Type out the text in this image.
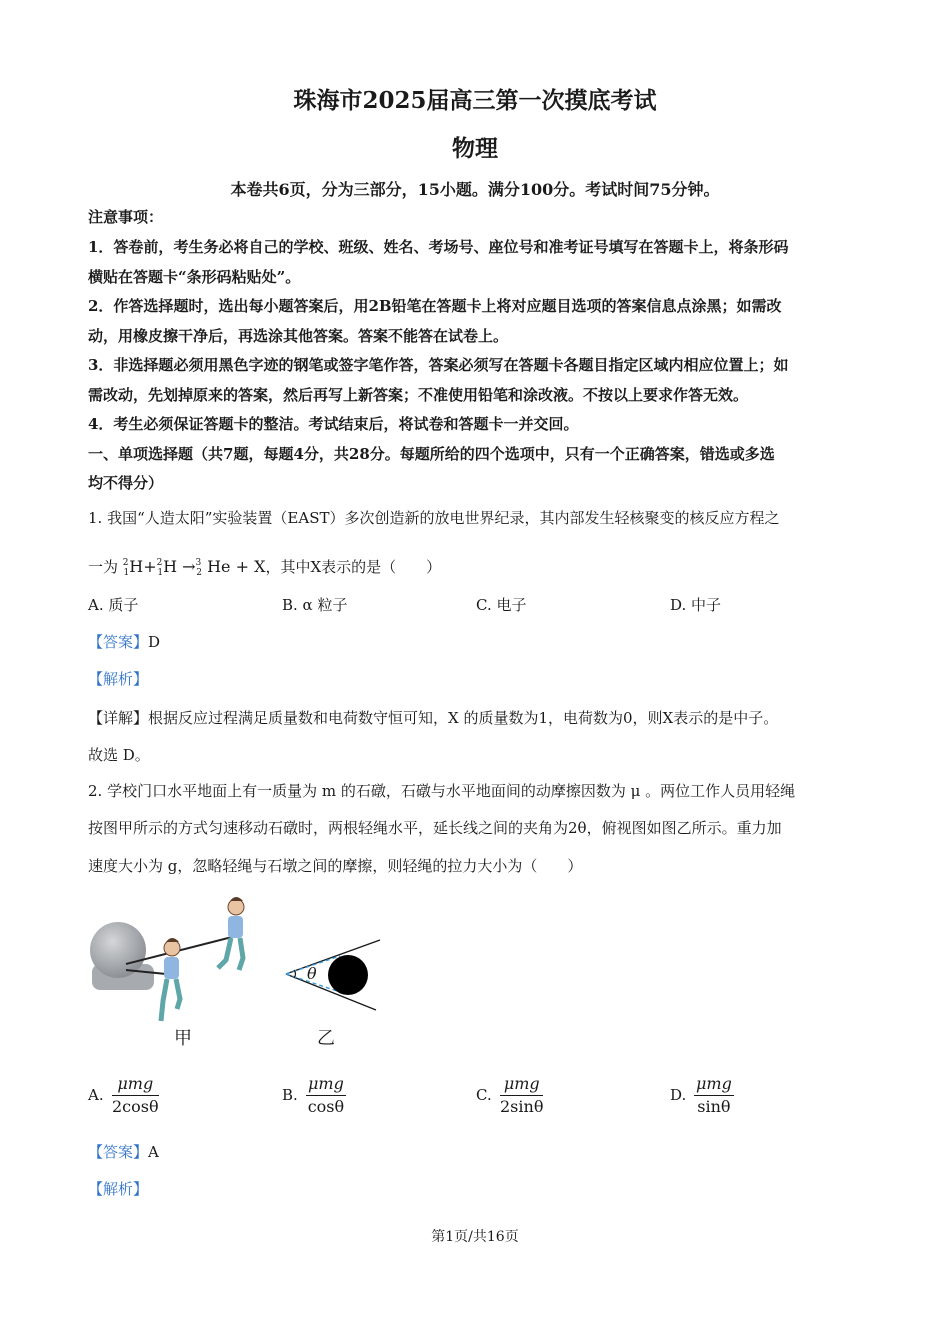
珠海市2025届高三第一次摸底考试
物理
本卷共6页，分为三部分，15小题。满分100分。考试时间75分钟。
注意事项：
1．答卷前，考生务必将自己的学校、班级、姓名、考场号、座位号和准考证号填写在答题卡上，将条形码
横贴在答题卡“条形码粘贴处”。
2．作答选择题时，选出每小题答案后，用2B铅笔在答题卡上将对应题目选项的答案信息点涂黑；如需改
动，用橡皮擦干净后，再选涂其他答案。答案不能答在试卷上。
3．非选择题必须用黑色字迹的钢笔或签字笔作答，答案必须写在答题卡各题目指定区域内相应位置上；如
需改动，先划掉原来的答案，然后再写上新答案；不准使用铅笔和涂改液。不按以上要求作答无效。
4．考生必须保证答题卡的整洁。考试结束后，将试卷和答题卡一并交回。
一、单项选择题（共7题，每题4分，共28分。每题所给的四个选项中，只有一个正确答案，错选或多选
均不得分）
1. 我国“人造太阳”实验装置（EAST）多次创造新的放电世界纪录，其内部发生轻核聚变的核反应方程之
一为 $^2_1$H+$^2_1$H →$^3_2$ He + X，其中X表示的是（　　）
A. 质子	B. α 粒子	C. 电子	D. 中子
【答案】D
【解析】
【详解】根据反应过程满足质量数和电荷数守恒可知，X 的质量数为1，电荷数为0，则X表示的是中子。
故选 D。
2. 学校门口水平地面上有一质量为 m 的石礅，石礅与水平地面间的动摩擦因数为 μ 。两位工作人员用轻绳
按图甲所示的方式匀速移动石礅时，两根轻绳水平，延长线之间的夹角为2θ，俯视图如图乙所示。重力加
速度大小为 g，忽略轻绳与石墩之间的摩擦，则轻绳的拉力大小为（　　）
甲
θ
乙
A.
μmg
2cosθ
B.
μmg
cosθ
C.
μmg
2sinθ
D.
μmg
sinθ
【答案】A
【解析】
第1页/共16页
